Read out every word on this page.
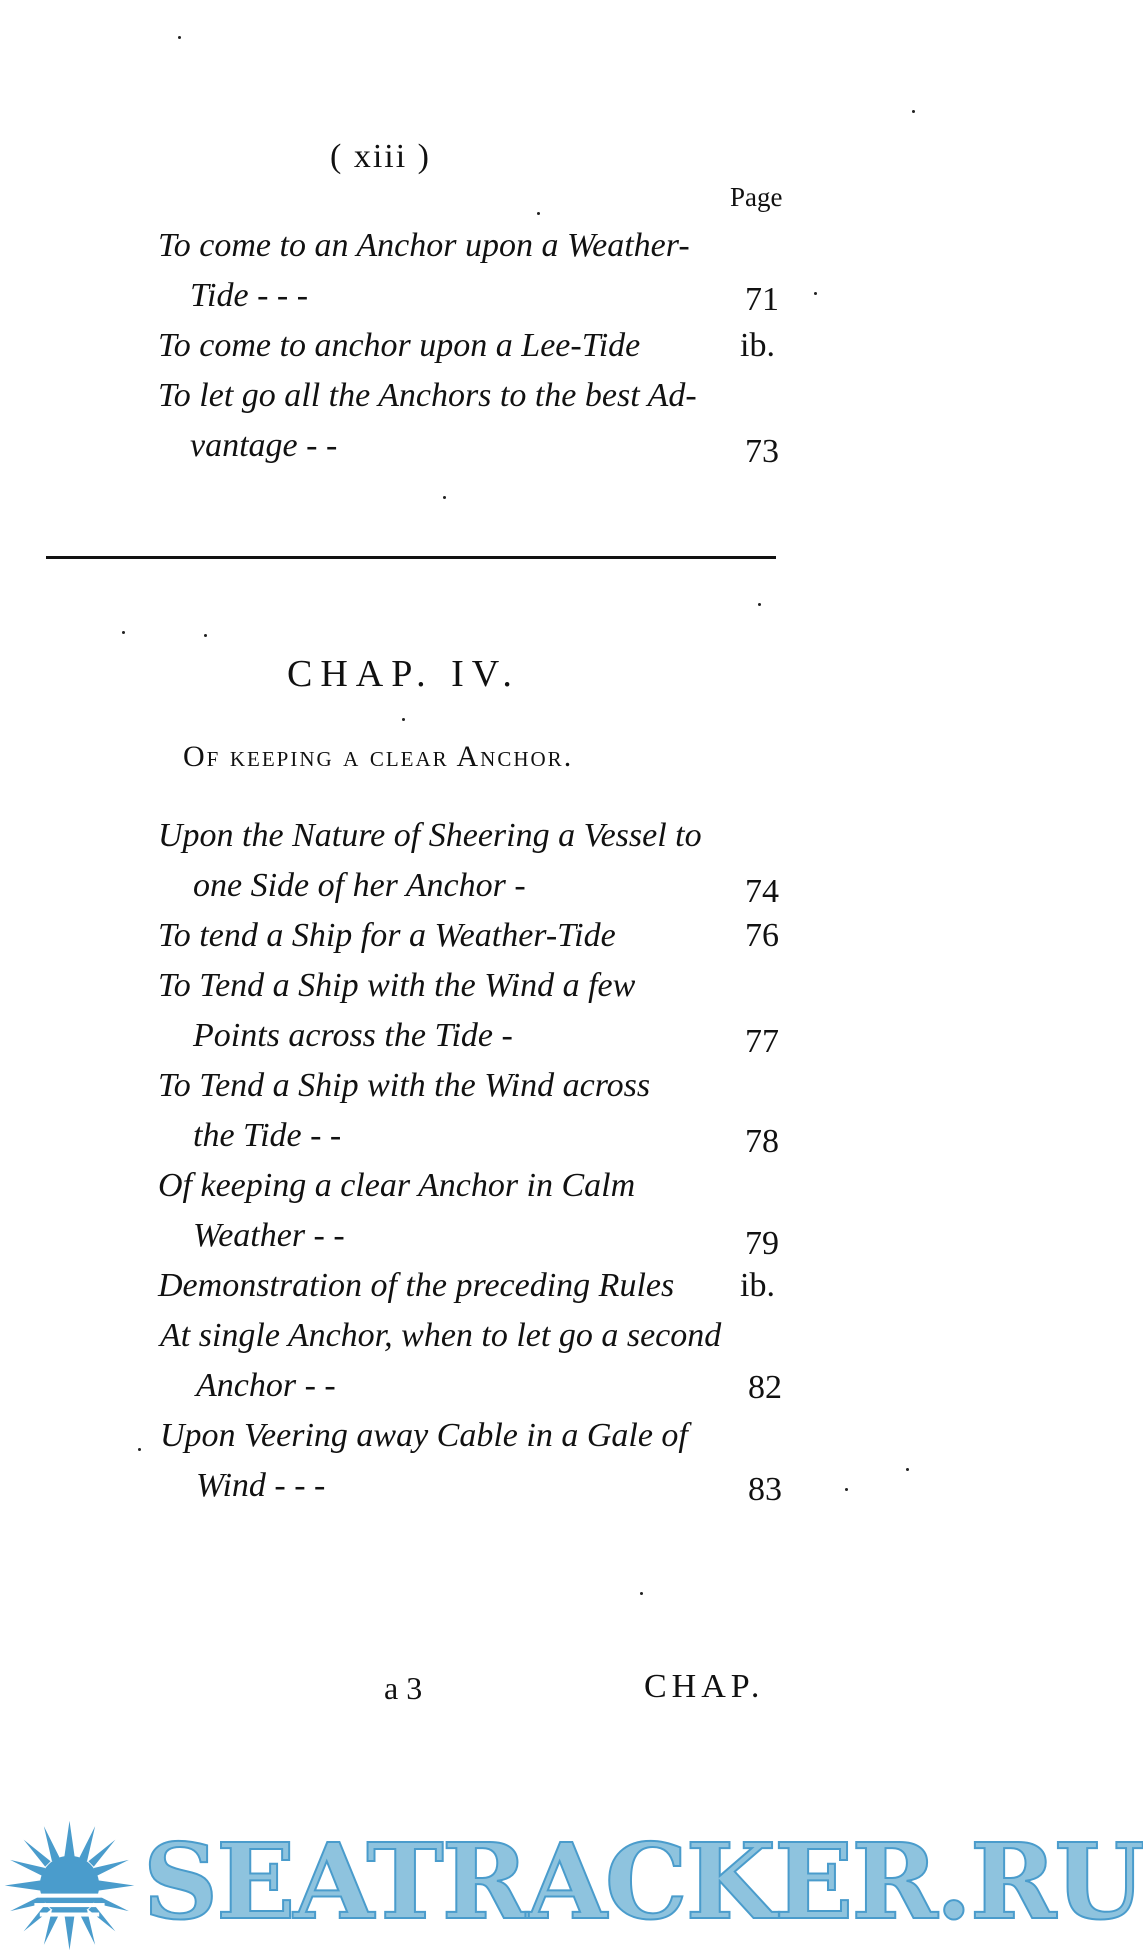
( xiii )
Page
To come to an Anchor upon a Weather-
Tide - - -	71
To come to anchor upon a Lee-Tide	ib.
To let go all the Anchors to the best Ad-
vantage - -	73
CHAP. IV.
Of keeping a clear Anchor.
Upon the Nature of Sheering a Vessel to
one Side of her Anchor -	74
To tend a Ship for a Weather-Tide	76
To Tend a Ship with the Wind a few
Points across the Tide -	77
To Tend a Ship with the Wind across
the Tide - -	78
Of keeping a clear Anchor in Calm
Weather - -	79
Demonstration of the preceding Rules ib.
At single Anchor, when to let go a second
Anchor - -	82
Upon Veering away Cable in a Gale of
Wind - - -	83
a 3	CHAP.
SEATRACKER.RU
